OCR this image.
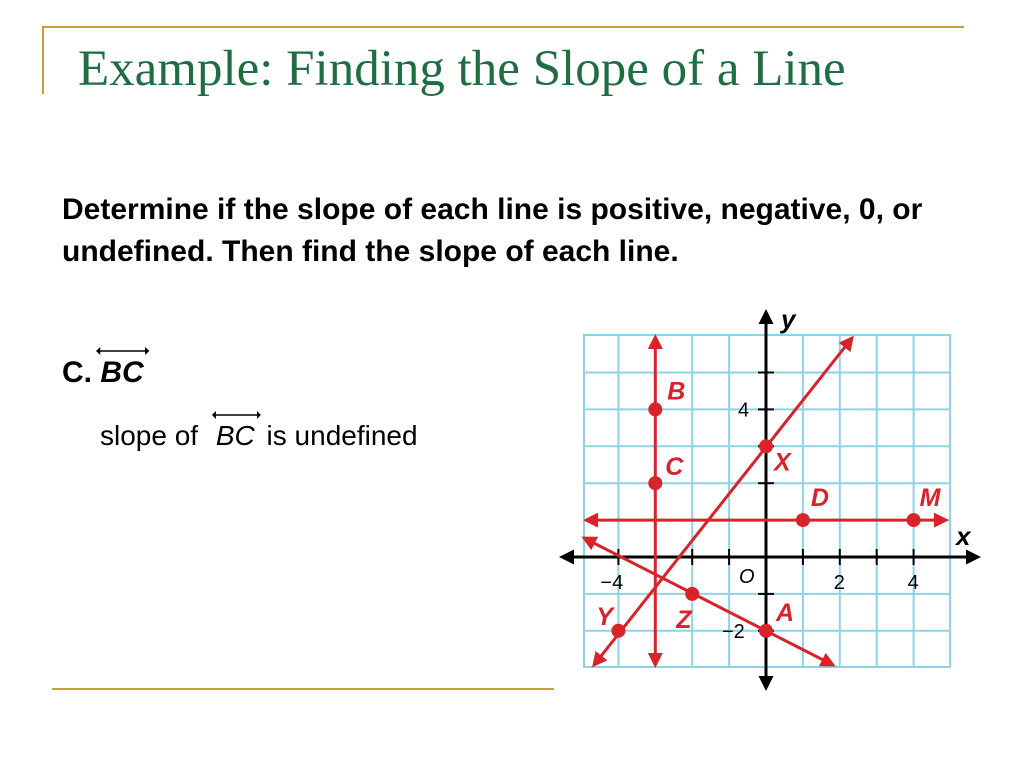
Example: Finding the Slope of a Line

Determine if the slope of each line is positive, negative, 0, or undefined. Then find the slope of each line.

C. BC
slope of BC is undefined
x
y
O
−4	2	4
4
−2
B
C	X
D	M
Y	Z	A
